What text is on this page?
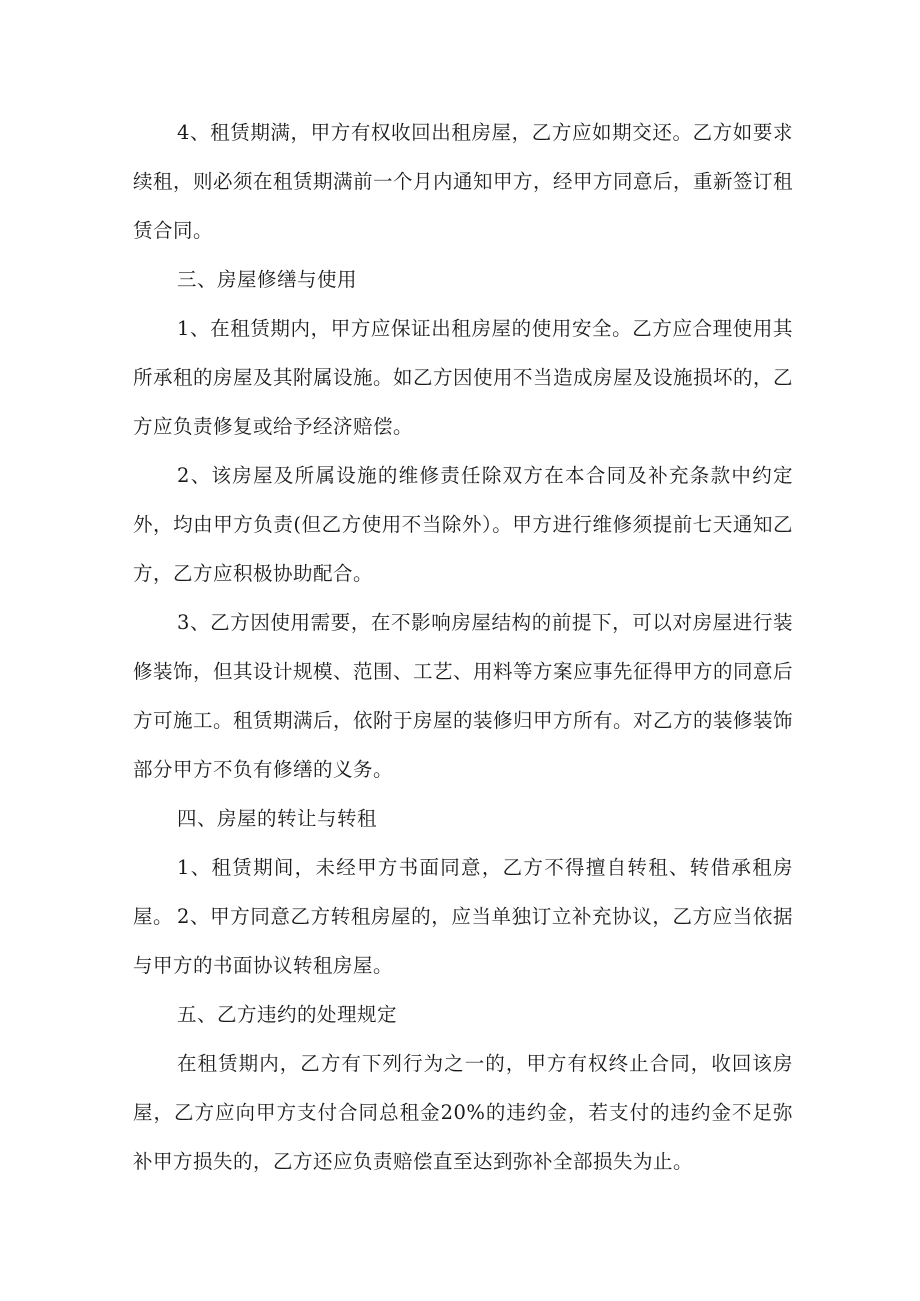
4、租赁期满，甲方有权收回出租房屋，乙方应如期交还。乙方如要求续租，则必须在租赁期满前一个月内通知甲方，经甲方同意后，重新签订租赁合同。

三、房屋修缮与使用

1、在租赁期内，甲方应保证出租房屋的使用安全。乙方应合理使用其所承租的房屋及其附属设施。如乙方因使用不当造成房屋及设施损坏的，乙方应负责修复或给予经济赔偿。

2、该房屋及所属设施的维修责任除双方在本合同及补充条款中约定外，均由甲方负责(但乙方使用不当除外）。甲方进行维修须提前七天通知乙方，乙方应积极协助配合。

3、乙方因使用需要，在不影响房屋结构的前提下，可以对房屋进行装修装饰，但其设计规模、范围、工艺、用料等方案应事先征得甲方的同意后方可施工。租赁期满后，依附于房屋的装修归甲方所有。对乙方的装修装饰部分甲方不负有修缮的义务。

四、房屋的转让与转租

1、租赁期间，未经甲方书面同意，乙方不得擅自转租、转借承租房屋。 2、甲方同意乙方转租房屋的，应当单独订立补充协议，乙方应当依据与甲方的书面协议转租房屋。

五、乙方违约的处理规定

在租赁期内，乙方有下列行为之一的，甲方有权终止合同，收回该房屋，乙方应向甲方支付合同总租金20%的违约金，若支付的违约金不足弥补甲方损失的，乙方还应负责赔偿直至达到弥补全部损失为止。
